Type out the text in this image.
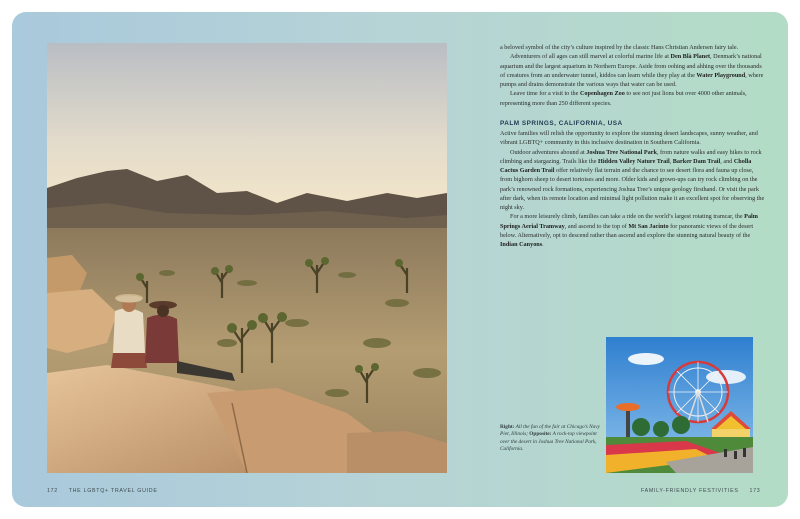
172 THE LGBTQ+ TRAVEL GUIDE

a beloved symbol of the city’s culture inspired by the classic Hans Christian Andersen fairy tale.

Adventurers of all ages can still marvel at colorful marine life at Den Blå Planet, Denmark’s national aquarium and the largest aquarium in Northern Europe. Aside from oohing and ahhing over the thousands of creatures from an underwater tunnel, kiddos can learn while they play at the Water Playground, where pumps and drains demonstrate the various ways that water can be used.

Leave time for a visit to the Copenhagen Zoo to see not just lions but over 4000 other animals, representing more than 250 different species.

PALM SPRINGS, CALIFORNIA, USA

Active families will relish the opportunity to explore the stunning desert landscapes, sunny weather, and vibrant LGBTQ+ community in this inclusive destination in Southern California.

Outdoor adventures abound at Joshua Tree National Park, from nature walks and easy hikes to rock climbing and stargazing. Trails like the Hidden Valley Nature Trail, Barker Dam Trail, and Cholla Cactus Garden Trail offer relatively flat terrain and the chance to see desert flora and fauna up close, from bighorn sheep to desert tortoises and more. Older kids and grown-ups can try rock climbing on the park’s renowned rock formations, experiencing Joshua Tree’s unique geology firsthand. Or visit the park after dark, when its remote location and minimal light pollution make it an excellent spot for observing the night sky.

For a more leisurely climb, families can take a ride on the world’s largest rotating tramcar, the Palm Springs Aerial Tramway, and ascend to the top of Mt San Jacinto for panoramic views of the desert below. Alternatively, opt to descend rather than ascend and explore the stunning natural beauty of the Indian Canyons.

Right: All the fun of the fair at Chicago’s Navy Pier, Illinois; Opposite: A rock-top viewpoint over the desert in Joshua Tree National Park, California.
FAMILY-FRIENDLY FESTIVITIES 173
